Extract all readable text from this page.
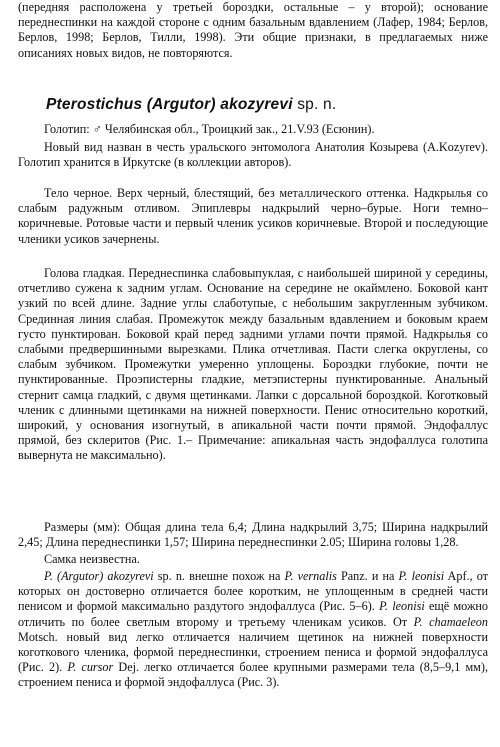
(передняя расположена у третьей бороздки, остальные – у второй); основание переднеспинки на каждой стороне с одним базальным вдавлением (Лафер, 1984; Берлов, Берлов, 1998; Берлов, Тилли, 1998). Эти общие признаки, в предлагаемых ниже описаниях новых видов, не повторяются.
Pterostichus (Argutor) akozyrevi sp. n.
Голотип: ♂ Челябинская обл., Троицкий зак., 21.V.93 (Есюнин).
Новый вид назван в честь уральского энтомолога Анатолия Козырева (A.Kozyrev). Голотип хранится в Иркутске (в коллекции авторов).
Тело черное. Верх черный, блестящий, без металлического оттенка. Надкрылья со слабым радужным отливом. Эпиплевры надкрылий черно–бурые. Ноги темно–коричневые. Ротовые части и первый членик усиков коричневые. Второй и последующие членики усиков зачернены.
Голова гладкая. Переднеспинка слабовыпуклая, с наибольшей шириной у середины, отчетливо сужена к задним углам. Основание на середине не окаймлено. Боковой кант узкий по всей длине. Задние углы слаботупые, с небольшим закругленным зубчиком. Срединная линия слабая. Промежуток между базальным вдавлением и боковым краем густо пунктирован. Боковой край перед задними углами почти прямой. Надкрылья со слабыми предвершинными вырезками. Плика отчетливая. Пасти слегка округлены, со слабым зубчиком. Промежутки умеренно уплощены. Бороздки глубокие, почти не пунктированные. Проэпистерны гладкие, метэпистерны пунктированные. Анальный стернит самца гладкий, с двумя щетинками. Лапки с дорсальной бороздкой. Коготковый членик с длинными щетинками на нижней поверхности. Пенис относительно короткий, широкий, у основания изогнутый, в апикальной части почти прямой. Эндофаллус прямой, без склеритов (Рис. 1.– Примечание: апикальная часть эндофаллуса голотипа вывернута не максимально).
Размеры (мм): Общая длина тела 6,4; Длина надкрылий 3,75; Ширина надкрылий 2,45; Длина переднеспинки 1,57; Ширина переднеспинки 2.05; Ширина головы 1,28.
Самка неизвестна.
P. (Argutor) akozyrevi sp. n. внешне похож на P. vernalis Panz. и на P. leonisi Apf., от которых он достоверно отличается более коротким, не уплощенным в средней части пенисом и формой максимально раздутого эндофаллуса (Рис. 5–6). P. leonisi ещё можно отличить по более светлым второму и третьему членикам усиков. От P. chamaeleon Motsch. новый вид легко отличается наличием щетинок на нижней поверхности коготкового членика, формой переднеспинки, строением пениса и формой эндофаллуса (Рис. 2). P. cursor Dej. легко отличается более крупными размерами тела (8,5–9,1 мм), строением пениса и формой эндофаллуса (Рис. 3).
